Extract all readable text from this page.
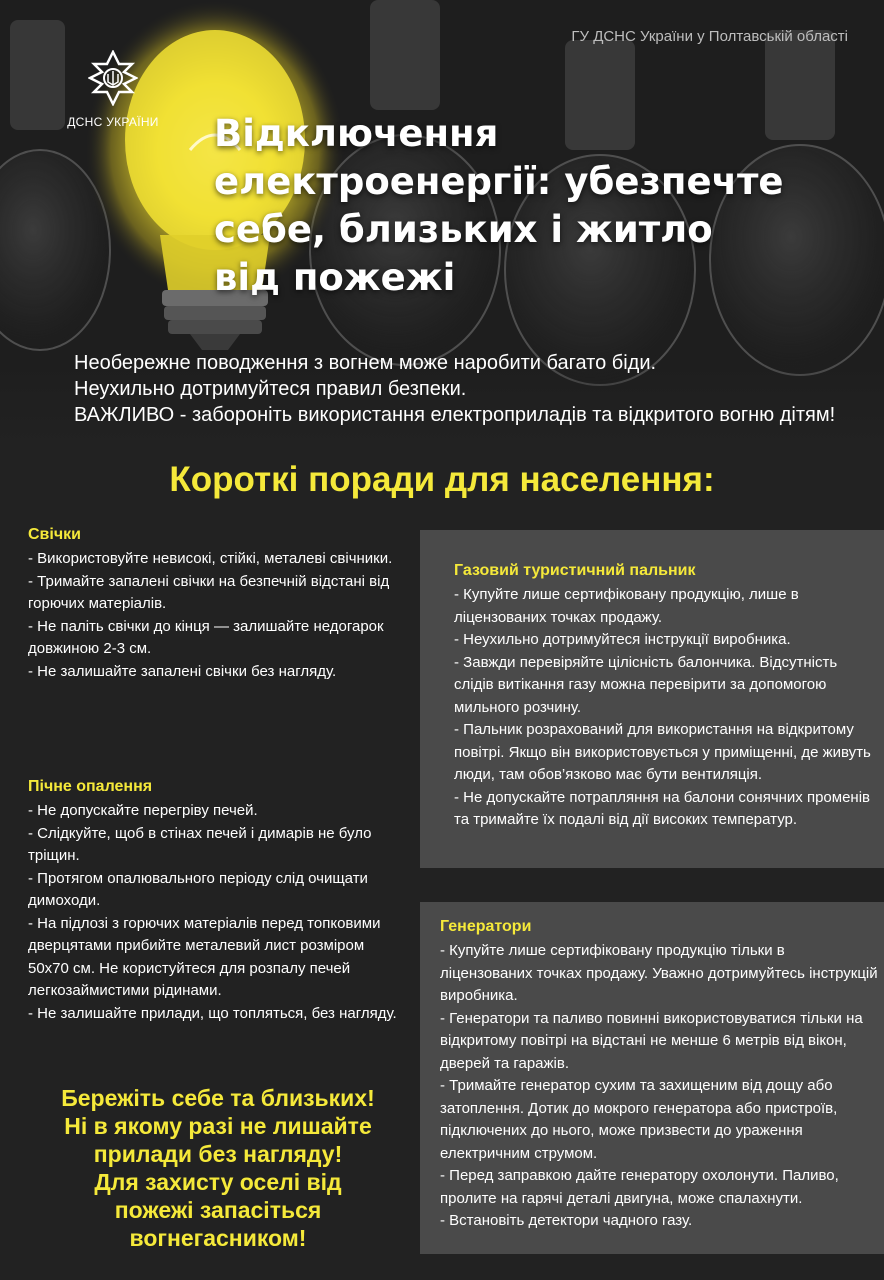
ГУ ДСНС України у Полтавській області
ДСНС УКРАЇНИ Відключення
електроенергії: убезпечте
себе, близьких і житло
від пожежі
Необережне поводження з вогнем може наробити багато біди.
Неухильно дотримуйтеся правил безпеки.
ВАЖЛИВО - забороніть використання електроприладів та відкритого вогню дітям!
Короткі поради для населення:
Свічки
- Використовуйте невисокі, стійкі, металеві свічники.
- Тримайте запалені свічки на безпечній відстані від горючих матеріалів.
- Не паліть свічки до кінця — залишайте недогарок довжиною 2-3 см.
- Не залишайте запалені свічки без нагляду.
Пічне опалення
- Не допускайте перегріву печей.
- Слідкуйте, щоб в стінах печей і димарів не було тріщин.
- Протягом опалювального періоду слід очищати димоходи.
- На підлозі з горючих матеріалів перед топковими дверцятами прибийте металевий лист розміром 50х70 см. Не користуйтеся для розпалу печей легкозаймистими рідинами.
- Не залишайте прилади, що топляться, без нагляду.
Газовий туристичний пальник
- Купуйте лише сертифіковану продукцію, лише в ліцензованих точках продажу.
- Неухильно дотримуйтеся інструкції виробника.
- Завжди перевіряйте цілісність балончика. Відсутність слідів витікання газу можна перевірити за допомогою мильного розчину.
- Пальник розрахований для використання на відкритому повітрі. Якщо він використовується у приміщенні, де живуть люди, там обов’язково має бути вентиляція.
- Не допускайте потрапляння на балони сонячних променів та тримайте їх подалі від дії високих температур.
Генератори
- Купуйте лише сертифіковану продукцію тільки в ліцензованих точках продажу. Уважно дотримуйтесь інструкцій виробника.
- Генератори та паливо повинні використовуватися тільки на відкритому повітрі на відстані не менше 6 метрів від вікон, дверей та гаражів.
- Тримайте генератор сухим та захищеним від дощу або затоплення. Дотик до мокрого генератора або пристроїв, підключених до нього, може призвести до ураження електричним струмом.
- Перед заправкою дайте генератору охолонути. Паливо, пролите на гарячі деталі двигуна, може спалахнути.
- Встановіть детектори чадного газу.
Бережіть себе та близьких!
Ні в якому разі не лишайте
прилади без нагляду!
Для захисту оселі від
пожежі запасіться
вогнегасником!
